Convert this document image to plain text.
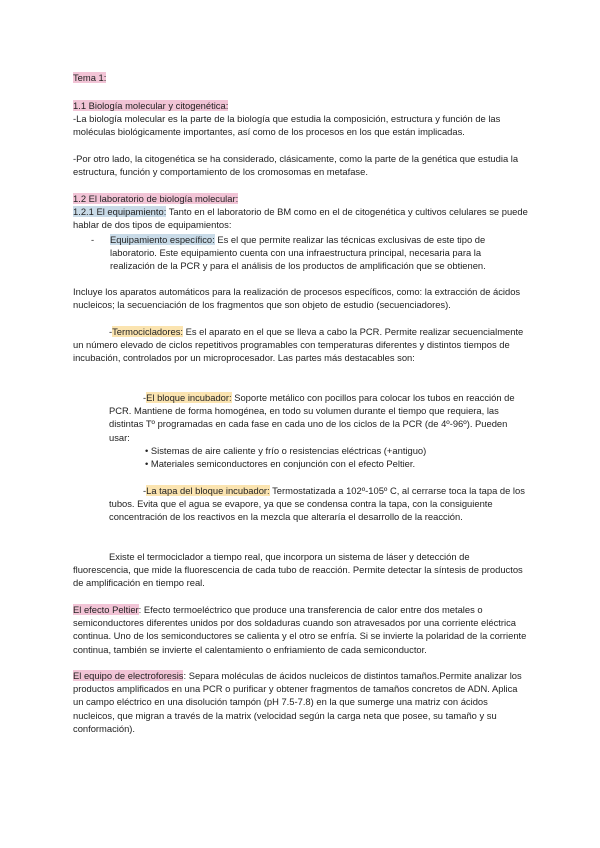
Tema 1:

1.1 Biología molecular y citogenética:

-La biología molecular es la parte de la biología que estudia la composición, estructura y función de las moléculas biológicamente importantes, así como de los procesos en los que están implicadas.

-Por otro lado, la citogenética se ha considerado, clásicamente, como la parte de la genética que estudia la estructura, función y comportamiento de los cromosomas en metafase.

1.2 El laboratorio de biología molecular:

1.2.1 El equipamiento: Tanto en el laboratorio de BM como en el de citogenética y cultivos celulares se puede hablar de dos tipos de equipamientos:

- Equipamiento específico: Es el que permite realizar las técnicas exclusivas de este tipo de laboratorio. Este equipamiento cuenta con una infraestructura principal, necesaria para la realización de la PCR y para el análisis de los productos de amplificación que se obtienen.

Incluye los aparatos automáticos para la realización de procesos específicos, como: la extracción de ácidos nucleicos; la secuenciación de los fragmentos que son objeto de estudio (secuenciadores).

-Termocicladores: Es el aparato en el que se lleva a cabo la PCR. Permite realizar secuencialmente un número elevado de ciclos repetitivos programables con temperaturas diferentes y distintos tiempos de incubación, controlados por un microprocesador. Las partes más destacables son:

-El bloque incubador: Soporte metálico con pocillos para colocar los tubos en reacción de PCR. Mantiene de forma homogénea, en todo su volumen durante el tiempo que requiera, las distintas Tº programadas en cada fase en cada uno de los ciclos de la PCR (de 4º-96º). Pueden usar:

• Sistemas de aire caliente y frío o resistencias eléctricas (+antiguo)
• Materiales semiconductores en conjunción con el efecto Peltier.

-La tapa del bloque incubador: Termostatizada a 102º-105º C, al cerrarse toca la tapa de los tubos. Evita que el agua se evapore, ya que se condensa contra la tapa, con la consiguiente concentración de los reactivos en la mezcla que alteraría el desarrollo de la reacción.

Existe el termociclador a tiempo real, que incorpora un sistema de láser y detección de fluorescencia, que mide la fluorescencia de cada tubo de reacción. Permite detectar la síntesis de productos de amplificación en tiempo real.

El efecto Peltier: Efecto termoeléctrico que produce una transferencia de calor entre dos metales o semiconductores diferentes unidos por dos soldaduras cuando son atravesados por una corriente eléctrica continua. Uno de los semiconductores se calienta y el otro se enfría. Si se invierte la polaridad de la corriente continua, también se invierte el calentamiento o enfriamiento de cada semiconductor.

El equipo de electroforesis: Separa moléculas de ácidos nucleicos de distintos tamaños.Permite analizar los productos amplificados en una PCR o purificar y obtener fragmentos de tamaños concretos de ADN. Aplica un campo eléctrico en una disolución tampón (pH 7.5-7.8) en la que sumerge una matriz con ácidos nucleicos, que migran a través de la matrix (velocidad según la carga neta que posee, su tamaño y su conformación).
